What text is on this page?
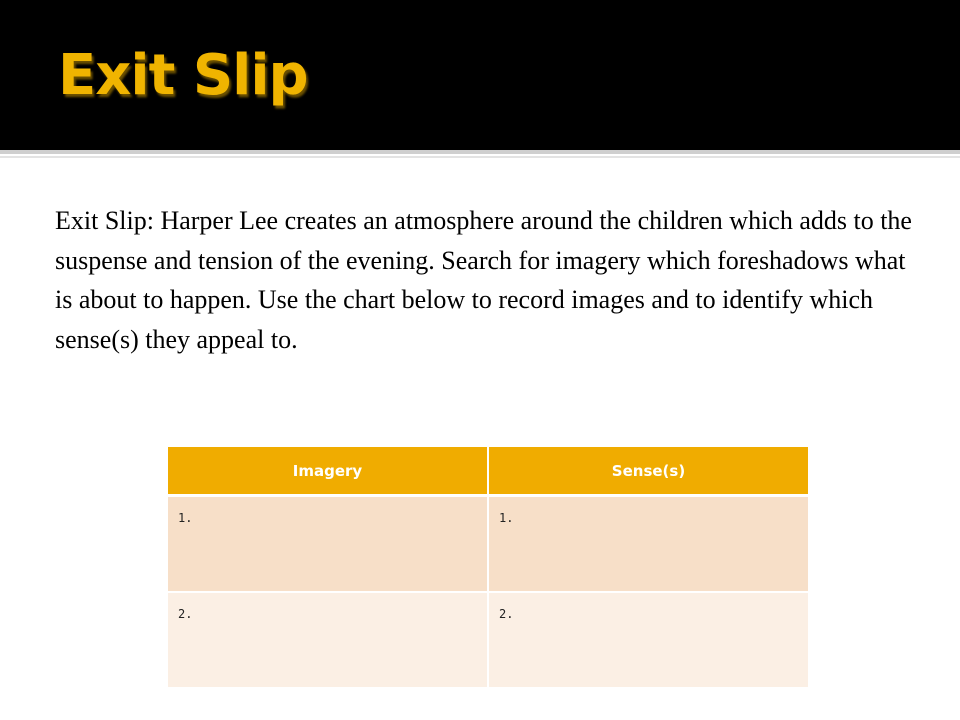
Exit Slip

Exit Slip: Harper Lee creates an atmosphere around the children which adds to the suspense and tension of the evening. Search for imagery which foreshadows what is about to happen. Use the chart below to record images and to identify which sense(s) they appeal to.

Imagery	Sense(s)
1.	1.
2.	2.
